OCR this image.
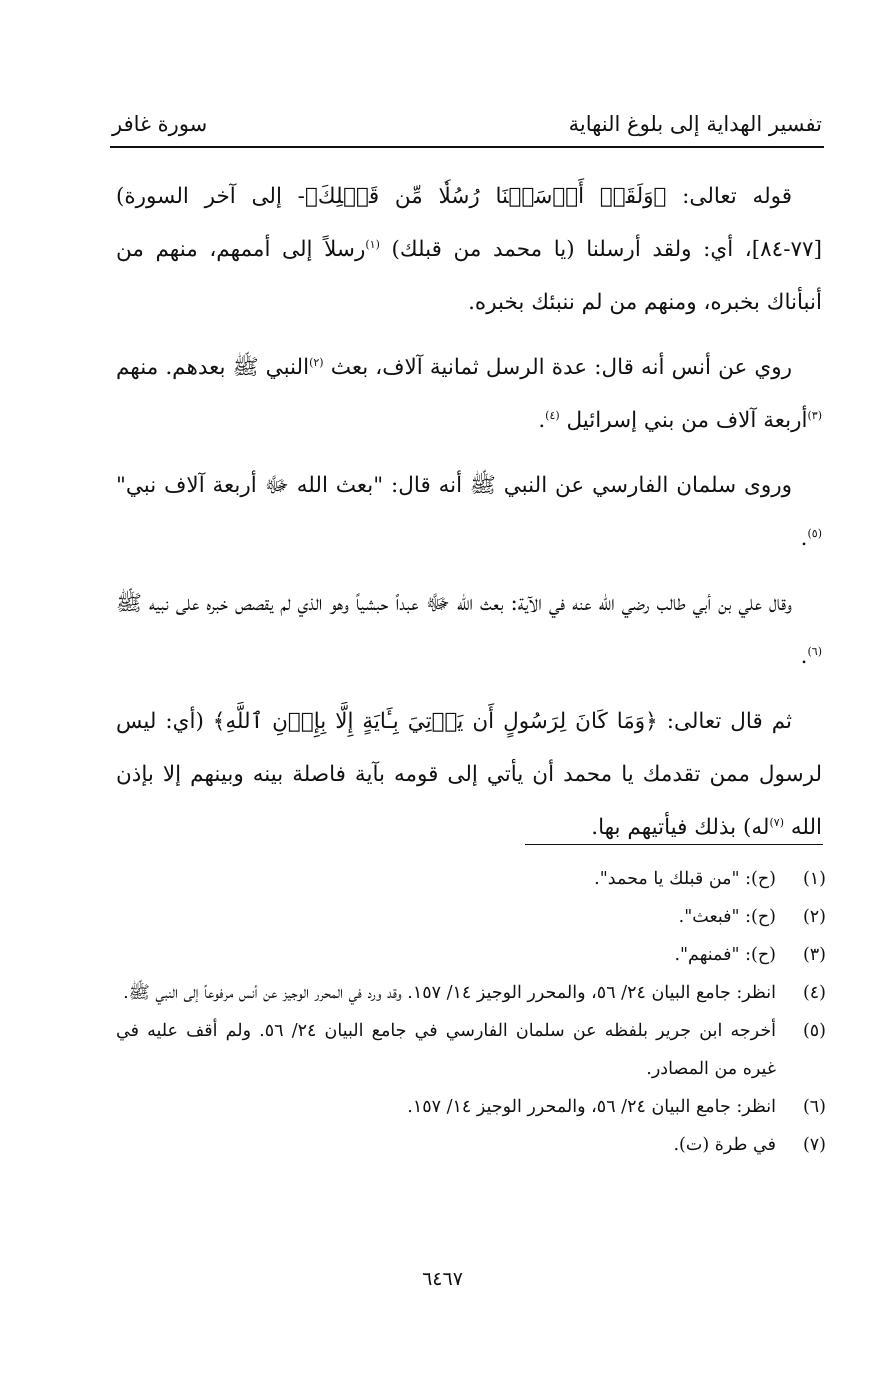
تفسير الهداية إلى بلوغ النهاية
سورة غافر

قوله تعالى: ﴿وَلَقَدۡ أَرۡسَلۡنَا رُسُلٗا مِّن قَبۡلِكَ﴾- إلى آخر السورة) [٧٧-٨٤]، أي: ولقد أرسلنا (يا محمد من قبلك) $^{(١)}$رسلاً إلى أممهم، منهم من أنبأناك بخبره، ومنهم من لم ننبئك بخبره.

روي عن أنس أنه قال: عدة الرسل ثمانية آلاف، بعث $^{(٢)}$النبي ﷺ بعدهم. منهم $^{(٣)}$أربعة آلاف من بني إسرائيل $^{(٤)}$.

وروى سلمان الفارسي عن النبي ﷺ أنه قال: "بعث الله ﷻ أربعة آلاف نبي" $^{(٥)}$.

وقال علي بن أبي طالب رضي الله عنه في الآية: بعث الله ﷻ عبداً حبشياً وهو الذي لم يقصص خبره على نبيه ﷺ $^{(٦)}$.

ثم قال تعالى: ﴿وَمَا كَانَ لِرَسُولٍ أَن يَأۡتِيَ بِـَٔايَةٍ إِلَّا بِإِذۡنِ ٱللَّهِ﴾ (أي: ليس لرسول ممن تقدمك يا محمد أن يأتي إلى قومه بآية فاصلة بينه وبينهم إلا بإذن الله $^{(٧)}$له) بذلك فيأتيهم بها.

(١)
(ح): "من قبلك يا محمد".
(٢)
(ح): "فبعث".
(٣)
(ح): "فمنهم".
(٤)
انظر: جامع البيان ٢٤/ ٥٦، والمحرر الوجيز ١٤/ ١٥٧. وقد ورد في المحرر الوجيز عن أنس مرفوعاً إلى النبي ﷺ.
(٥)
أخرجه ابن جرير بلفظه عن سلمان الفارسي في جامع البيان ٢٤/ ٥٦. ولم أقف عليه في غيره من المصادر.
(٦)
انظر: جامع البيان ٢٤/ ٥٦، والمحرر الوجيز ١٤/ ١٥٧.
(٧)
في طرة (ت).
٦٤٦٧
